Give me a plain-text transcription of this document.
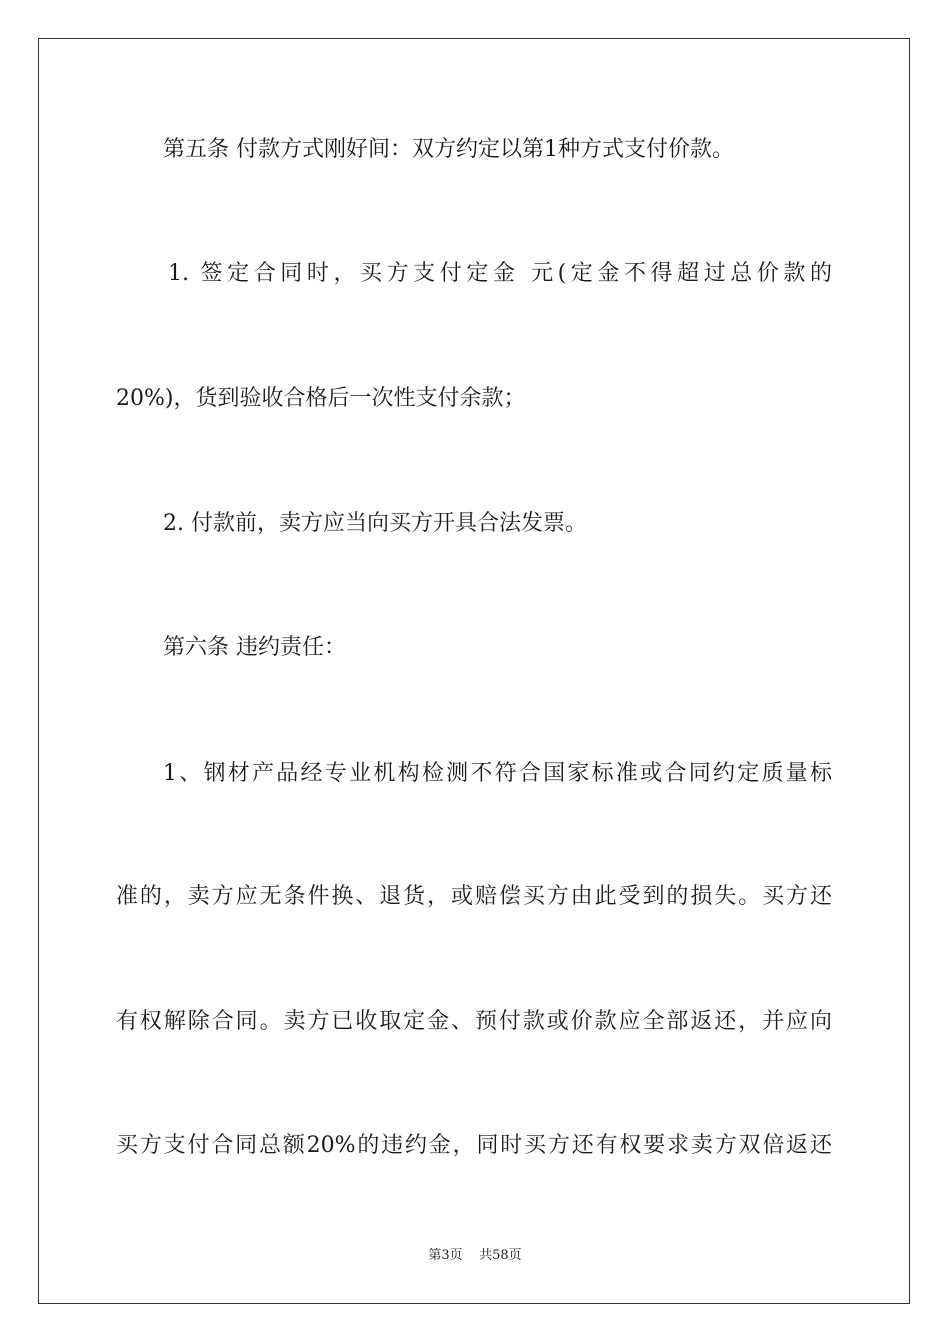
第五条 付款方式刚好间：双方约定以第1种方式支付价款。
1. 签定合同时，买方支付定金 元(定金不得超过总价款的
20%)，货到验收合格后一次性支付余款；
2. 付款前，卖方应当向买方开具合法发票。
第六条 违约责任：
1、钢材产品经专业机构检测不符合国家标准或合同约定质量标
准的，卖方应无条件换、退货，或赔偿买方由此受到的损失。买方还
有权解除合同。卖方已收取定金、预付款或价款应全部返还，并应向
买方支付合同总额20%的违约金，同时买方还有权要求卖方双倍返还
第3页 共58页
